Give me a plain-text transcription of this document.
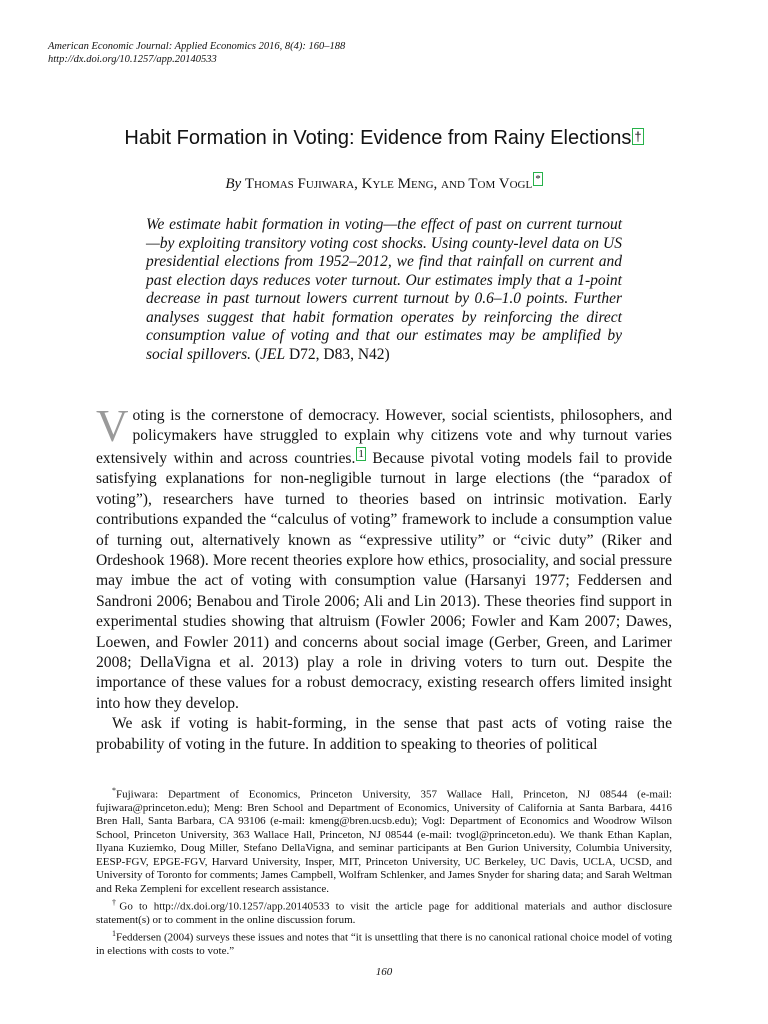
American Economic Journal: Applied Economics 2016, 8(4): 160–188
http://dx.doi.org/10.1257/app.20140533
Habit Formation in Voting: Evidence from Rainy Elections †
By Thomas Fujiwara, Kyle Meng, and Tom Vogl *
We estimate habit formation in voting—the effect of past on current turnout—by exploiting transitory voting cost shocks. Using county-level data on US presidential elections from 1952–2012, we find that rainfall on current and past election days reduces voter turnout. Our estimates imply that a 1-point decrease in past turnout lowers current turnout by 0.6–1.0 points. Further analyses suggest that habit formation operates by reinforcing the direct consumption value of voting and that our estimates may be amplified by social spillovers. (JEL D72, D83, N42)

Voting is the cornerstone of democracy. However, social scientists, philosophers, and policymakers have struggled to explain why citizens vote and why turnout varies extensively within and across countries. 1 Because pivotal voting models fail to provide satisfying explanations for non-negligible turnout in large elections (the “paradox of voting”), researchers have turned to theories based on intrinsic motivation. Early contributions expanded the “calculus of voting” framework to include a consumption value of turning out, alternatively known as “expressive utility” or “civic duty” (Riker and Ordeshook 1968). More recent theories explore how ethics, prosociality, and social pressure may imbue the act of voting with consumption value (Harsanyi 1977; Feddersen and Sandroni 2006; Benabou and Tirole 2006; Ali and Lin 2013). These theories find support in experimental studies showing that altruism (Fowler 2006; Fowler and Kam 2007; Dawes, Loewen, and Fowler 2011) and concerns about social image (Gerber, Green, and Larimer 2008; DellaVigna et al. 2013) play a role in driving voters to turn out. Despite the importance of these values for a robust democracy, existing research offers limited insight into how they develop.

We ask if voting is habit-forming, in the sense that past acts of voting raise the probability of voting in the future. In addition to speaking to theories of political

*Fujiwara: Department of Economics, Princeton University, 357 Wallace Hall, Princeton, NJ 08544 (e-mail: fujiwara@princeton.edu); Meng: Bren School and Department of Economics, University of California at Santa Barbara, 4416 Bren Hall, Santa Barbara, CA 93106 (e-mail: kmeng@bren.ucsb.edu); Vogl: Department of Economics and Woodrow Wilson School, Princeton University, 363 Wallace Hall, Princeton, NJ 08544 (e-mail: tvogl@princeton.edu). We thank Ethan Kaplan, Ilyana Kuziemko, Doug Miller, Stefano DellaVigna, and seminar participants at Ben Gurion University, Columbia University, EESP-FGV, EPGE-FGV, Harvard University, Insper, MIT, Princeton University, UC Berkeley, UC Davis, UCLA, UCSD, and University of Toronto for comments; James Campbell, Wolfram Schlenker, and James Snyder for sharing data; and Sarah Weltman and Reka Zempleni for excellent research assistance.

†Go to http://dx.doi.org/10.1257/app.20140533 to visit the article page for additional materials and author disclosure statement(s) or to comment in the online discussion forum.

$^1$Feddersen (2004) surveys these issues and notes that “it is unsettling that there is no canonical rational choice model of voting in elections with costs to vote.”

160
